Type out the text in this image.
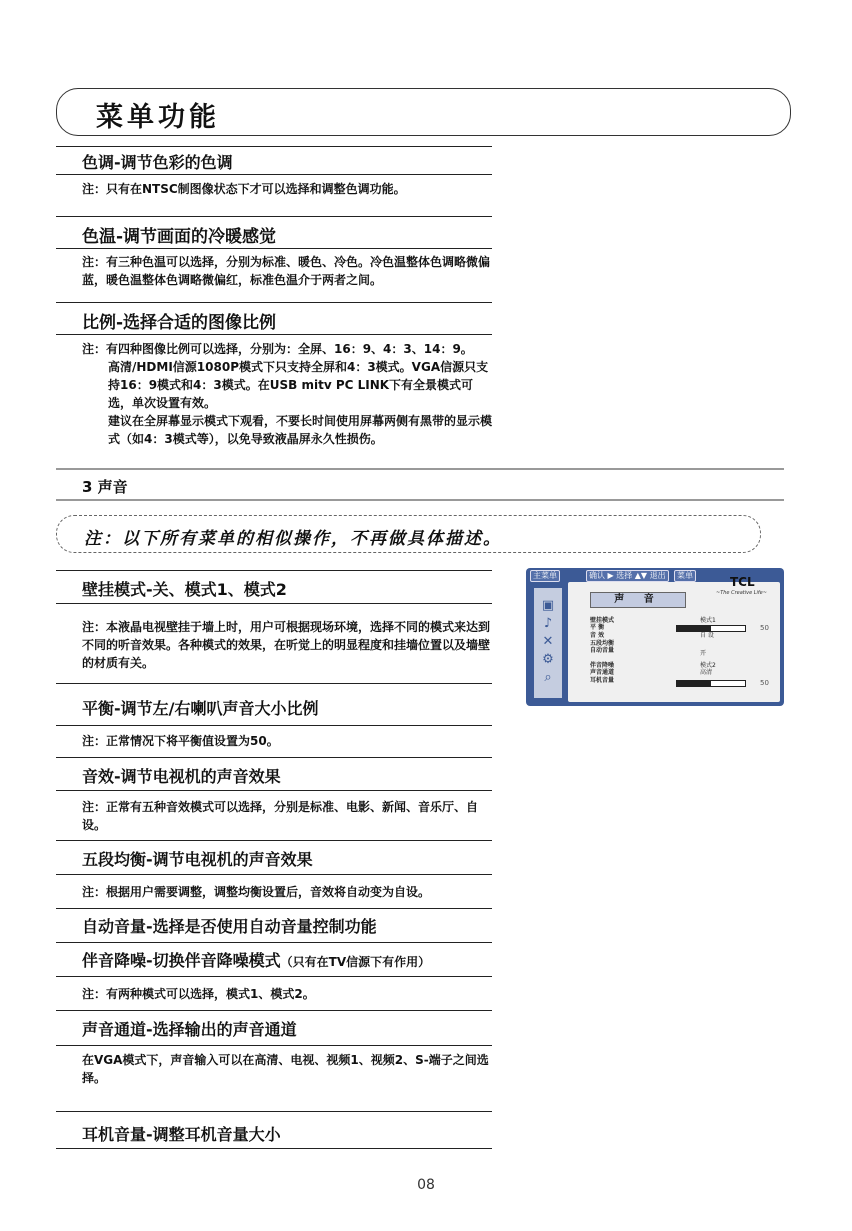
菜单功能
色调-调节色彩的色调
注：只有在NTSC制图像状态下才可以选择和调整色调功能。
色温-调节画面的冷暖感觉
注：有三种色温可以选择，分别为标准、暖色、冷色。冷色温整体色调略微偏蓝，暖色温整体色调略微偏红，标准色温介于两者之间。
比例-选择合适的图像比例
注：有四种图像比例可以选择，分别为：全屏、16：9、4：3、14：9。
高清/HDMI信源1080P模式下只支持全屏和4：3模式。VGA信源只支持16：9模式和4：3模式。在USB mitv PC LINK下有全景模式可选，单次设置有效。
建议在全屏幕显示模式下观看，不要长时间使用屏幕两侧有黑带的显示模式（如4：3模式等），以免导致液晶屏永久性损伤。
3 声音
注：以下所有菜单的相似操作，不再做具体描述。
壁挂模式-关、模式1、模式2
注：本液晶电视壁挂于墙上时，用户可根据现场环境，选择不同的模式来达到不同的听音效果。各种模式的效果，在听觉上的明显程度和挂墙位置以及墙壁的材质有关。
平衡-调节左/右喇叭声音大小比例
注：正常情况下将平衡值设置为50。
音效-调节电视机的声音效果
注：正常有五种音效模式可以选择，分别是标准、电影、新闻、音乐厅、自设。
五段均衡-调节电视机的声音效果
注：根据用户需要调整，调整均衡设置后，音效将自动变为自设。
自动音量-选择是否使用自动音量控制功能
伴音降噪-切换伴音降噪模式（只有在TV信源下有作用）
注：有两种模式可以选择，模式1、模式2。
声音通道-选择输出的声音通道
在VGA模式下，声音输入可以在高清、电视、视频1、视频2、S-端子之间选择。
耳机音量-调整耳机音量大小
主菜单	确认 ▶ 选择 ▲▼ 退出	菜单
▣
♪
✕
⚙
⌕
声 音
TCL
~The Creative Life~
壁挂模式	模式1
平 衡	50
音 效	自 设
五段均衡
自动音量	开
伴音降噪	模式2
声音通道	高清
耳机音量	50
08
